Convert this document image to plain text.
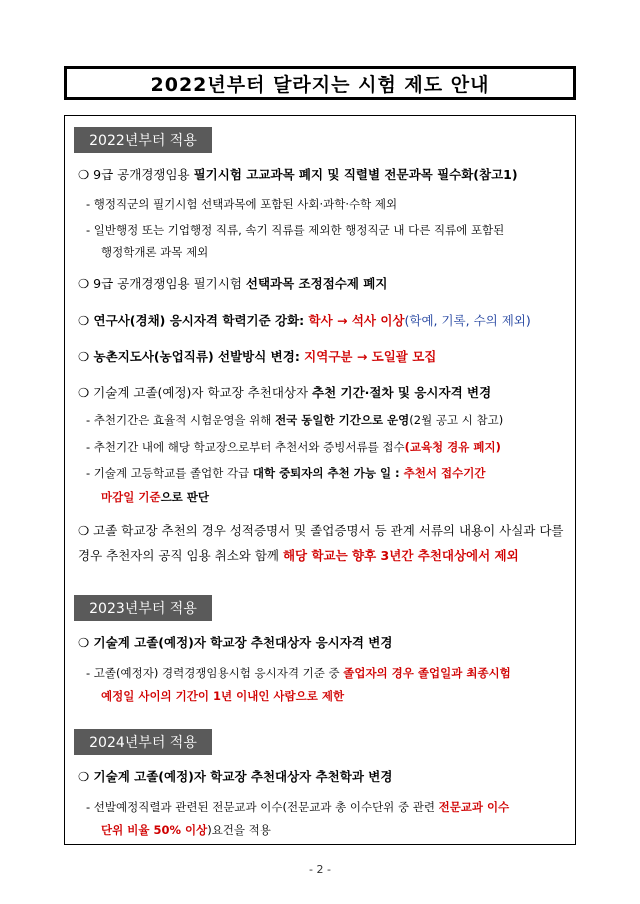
2022년부터 달라지는 시험 제도 안내
2022년부터 적용
❍ 9급 공개경쟁임용 필기시험 고교과목 폐지 및 직렬별 전문과목 필수화(참고1)
- 행정직군의 필기시험 선택과목에 포함된 사회·과학·수학 제외
- 일반행정 또는 기업행정 직류, 속기 직류를 제외한 행정직군 내 다른 직류에 포함된
행정학개론 과목 제외
❍ 9급 공개경쟁임용 필기시험 선택과목 조정점수제 폐지
❍ 연구사(경채) 응시자격 학력기준 강화: 학사 → 석사 이상(학예, 기록, 수의 제외)
❍ 농촌지도사(농업직류) 선발방식 변경: 지역구분 → 도일괄 모집
❍ 기술계 고졸(예정)자 학교장 추천대상자 추천 기간·절차 및 응시자격 변경
- 추천기간은 효율적 시험운영을 위해 전국 동일한 기간으로 운영(2월 공고 시 참고)
- 추천기간 내에 해당 학교장으로부터 추천서와 증빙서류를 접수(교육청 경유 폐지)
- 기술계 고등학교를 졸업한 각급 대학 중퇴자의 추천 가능 일 : 추천서 접수기간
마감일 기준으로 판단
❍ 고졸 학교장 추천의 경우 성적증명서 및 졸업증명서 등 관계 서류의 내용이 사실과 다를
경우 추천자의 공직 임용 취소와 함께 해당 학교는 향후 3년간 추천대상에서 제외
2023년부터 적용
❍ 기술계 고졸(예정)자 학교장 추천대상자 응시자격 변경
- 고졸(예정자) 경력경쟁임용시험 응시자격 기준 중 졸업자의 경우 졸업일과 최종시험
예정일 사이의 기간이 1년 이내인 사람으로 제한
2024년부터 적용
❍ 기술계 고졸(예정)자 학교장 추천대상자 추천학과 변경
- 선발예정직렬과 관련된 전문교과 이수(전문교과 총 이수단위 중 관련 전문교과 이수
단위 비율 50% 이상)요건을 적용
- 2 -
